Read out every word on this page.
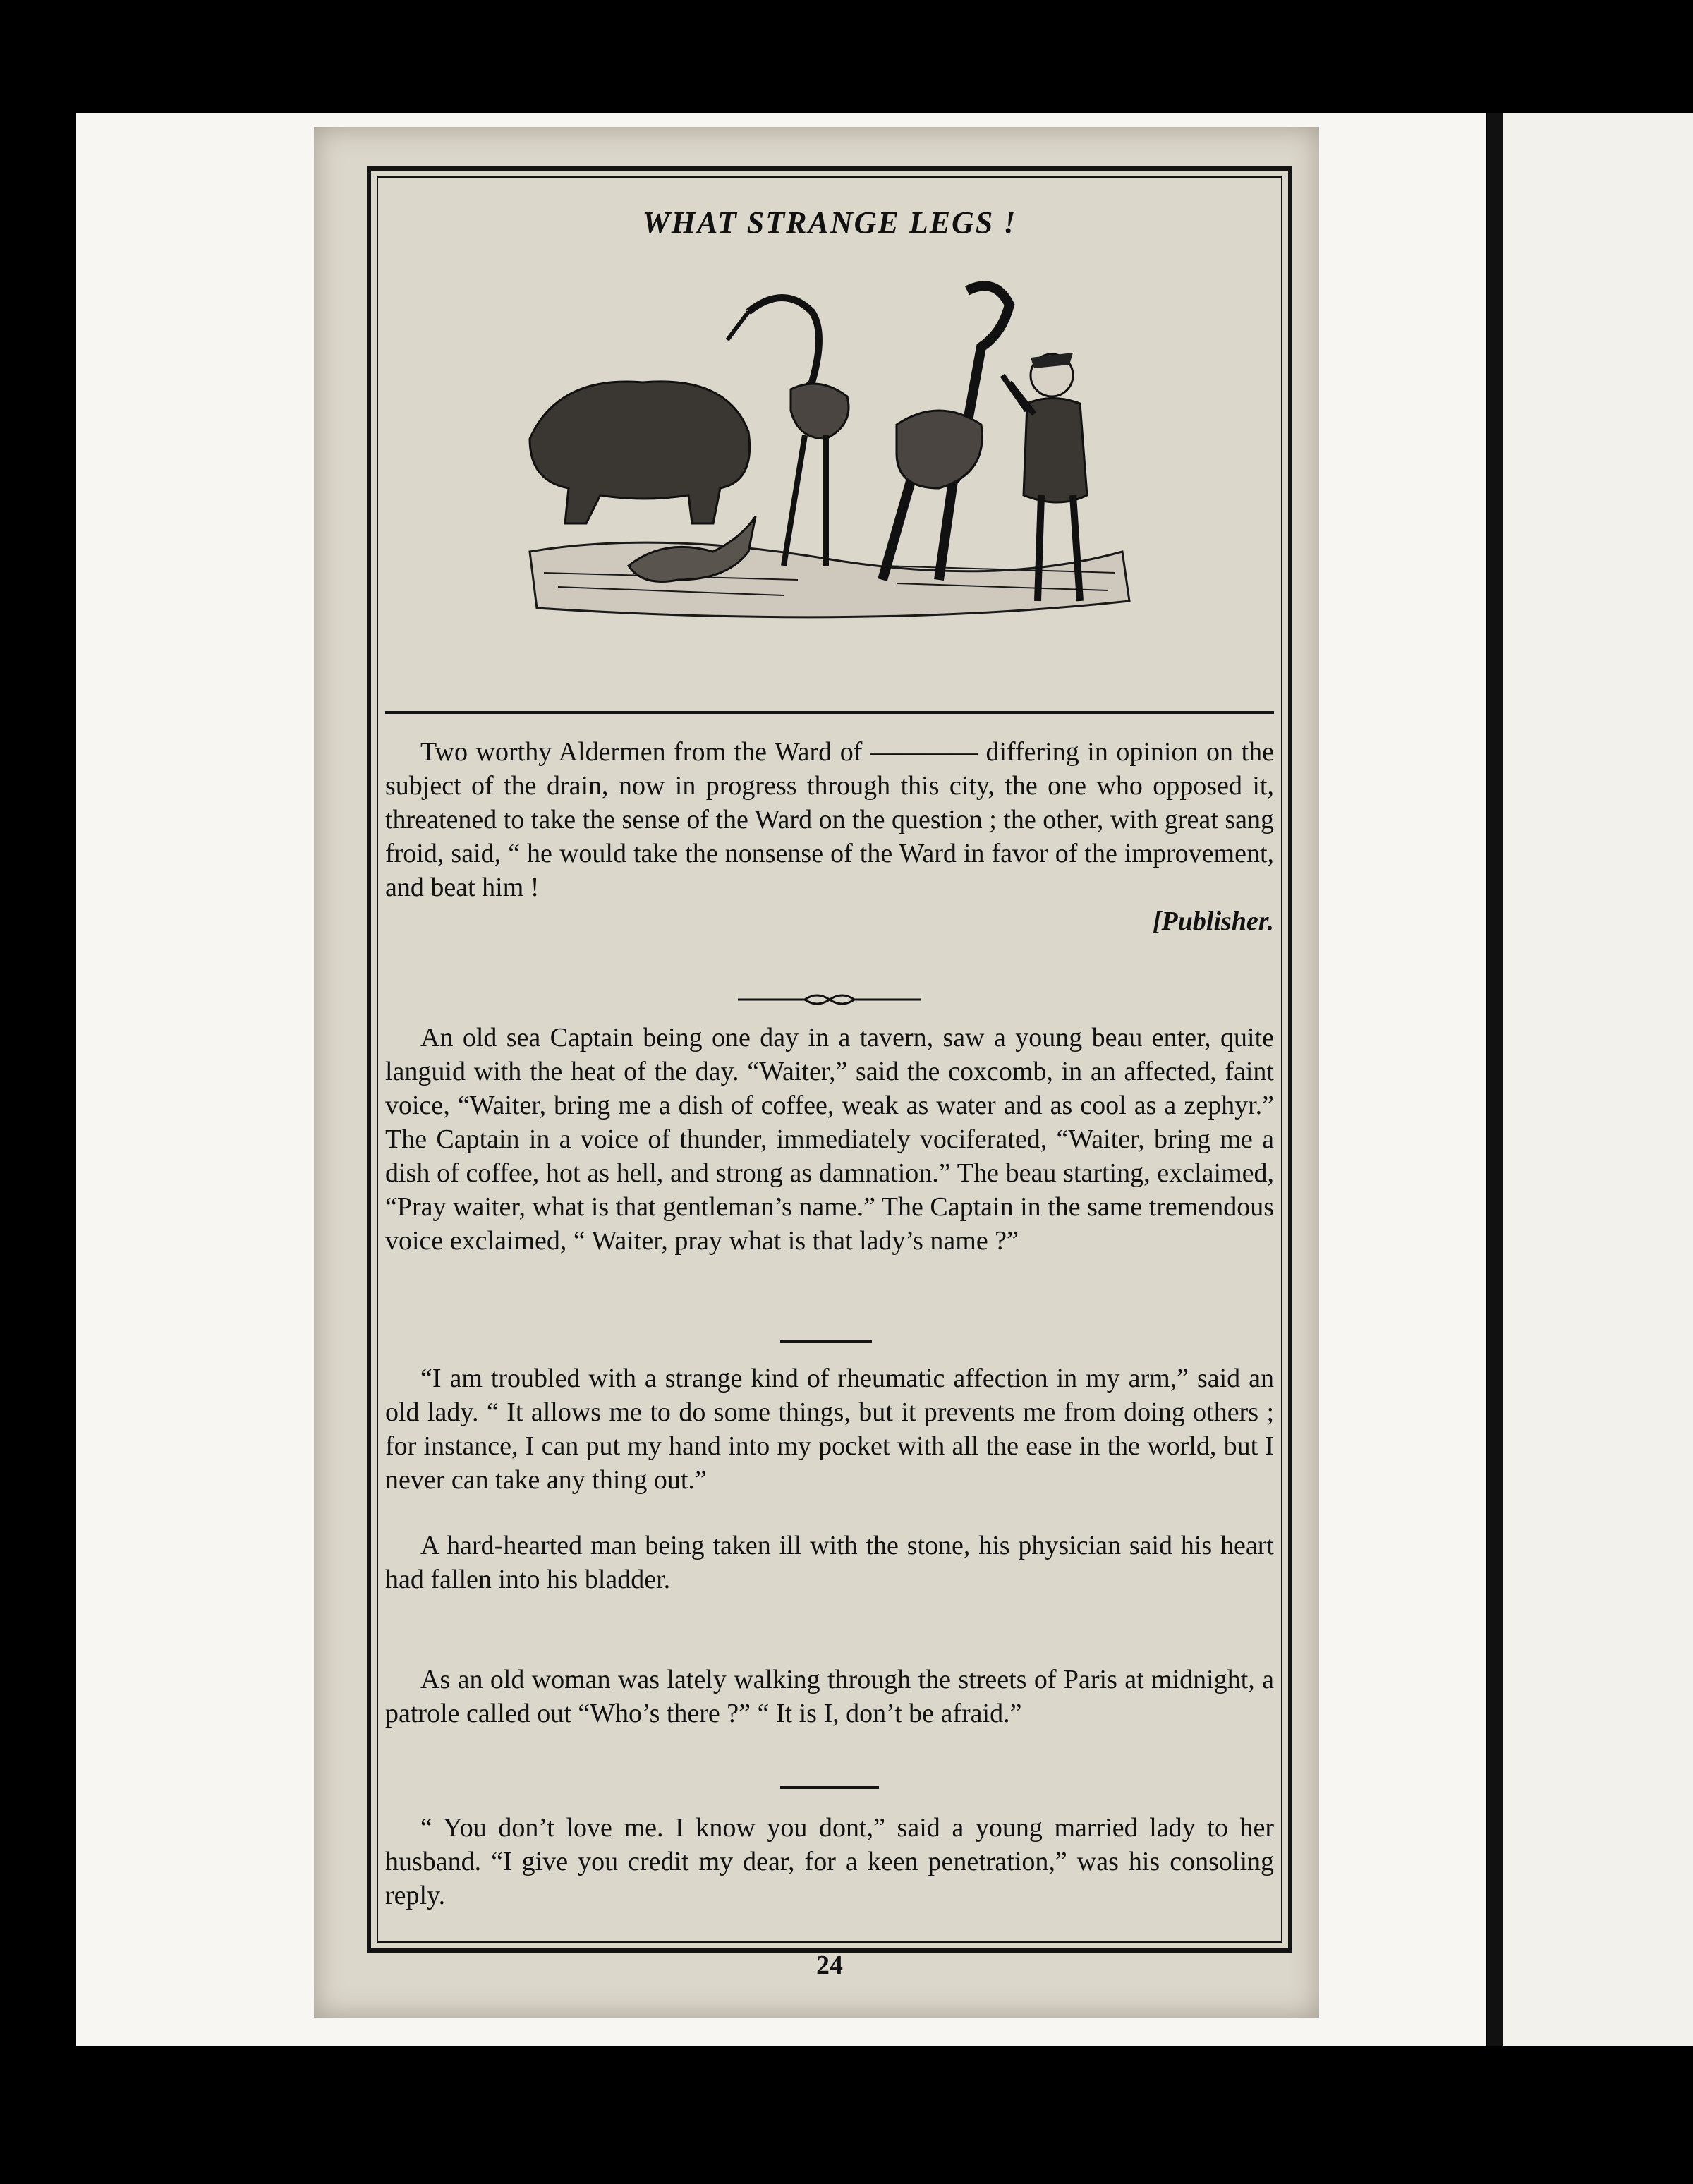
WHAT STRANGE LEGS !

Two worthy Aldermen from the Ward of ———— differing in opinion on the subject of the drain, now in progress through this city, the one who opposed it, threatened to take the sense of the Ward on the question ; the other, with great sang froid, said, “ he would take the nonsense of the Ward in favor of the improvement, and beat him !
[Publisher.

An old sea Captain being one day in a tavern, saw a young beau enter, quite languid with the heat of the day. “Waiter,” said the coxcomb, in an affected, faint voice, “Waiter, bring me a dish of coffee, weak as water and as cool as a zephyr.” The Captain in a voice of thunder, immediately vociferated, “Waiter, bring me a dish of coffee, hot as hell, and strong as damnation.” The beau starting, exclaimed, “Pray waiter, what is that gentleman’s name.” The Captain in the same tremendous voice exclaimed, “ Waiter, pray what is that lady’s name ?”

“I am troubled with a strange kind of rheumatic affection in my arm,” said an old lady. “ It allows me to do some things, but it prevents me from doing others ; for instance, I can put my hand into my pocket with all the ease in the world, but I never can take any thing out.”

A hard-hearted man being taken ill with the stone, his physician said his heart had fallen into his bladder.

As an old woman was lately walking through the streets of Paris at midnight, a patrole called out “Who’s there ?” “ It is I, don’t be afraid.”

“ You don’t love me. I know you dont,” said a young married lady to her husband. “I give you credit my dear, for a keen penetration,” was his consoling reply.

24
